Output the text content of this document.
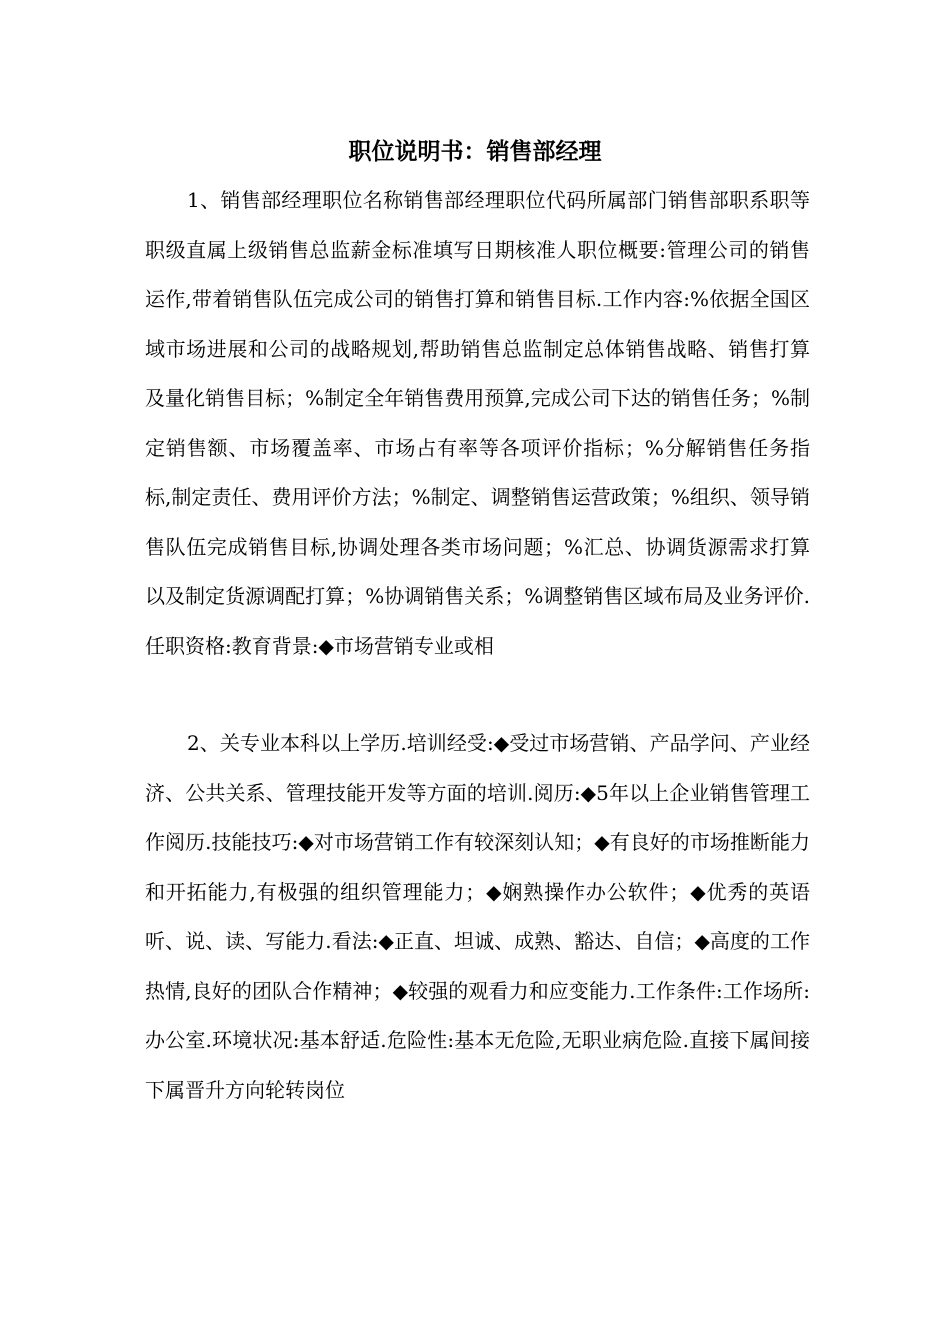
职位说明书：销售部经理

1、销售部经理职位名称销售部经理职位代码所属部门销售部职系职等职级直属上级销售总监薪金标准填写日期核准人职位概要:管理公司的销售运作,带着销售队伍完成公司的销售打算和销售目标.工作内容:%依据全国区域市场进展和公司的战略规划,帮助销售总监制定总体销售战略、销售打算及量化销售目标；%制定全年销售费用预算,完成公司下达的销售任务；%制定销售额、市场覆盖率、市场占有率等各项评价指标；%分解销售任务指标,制定责任、费用评价方法；%制定、调整销售运营政策；%组织、领导销售队伍完成销售目标,协调处理各类市场问题；%汇总、协调货源需求打算以及制定货源调配打算；%协调销售关系；%调整销售区域布局及业务评价.任职资格:教育背景:◆市场营销专业或相

2、关专业本科以上学历.培训经受:◆受过市场营销、产品学问、产业经济、公共关系、管理技能开发等方面的培训.阅历:◆5年以上企业销售管理工作阅历.技能技巧:◆对市场营销工作有较深刻认知；◆有良好的市场推断能力和开拓能力,有极强的组织管理能力；◆娴熟操作办公软件；◆优秀的英语听、说、读、写能力.看法:◆正直、坦诚、成熟、豁达、自信；◆高度的工作热情,良好的团队合作精神；◆较强的观看力和应变能力.工作条件:工作场所:办公室.环境状况:基本舒适.危险性:基本无危险,无职业病危险.直接下属间接下属晋升方向轮转岗位
